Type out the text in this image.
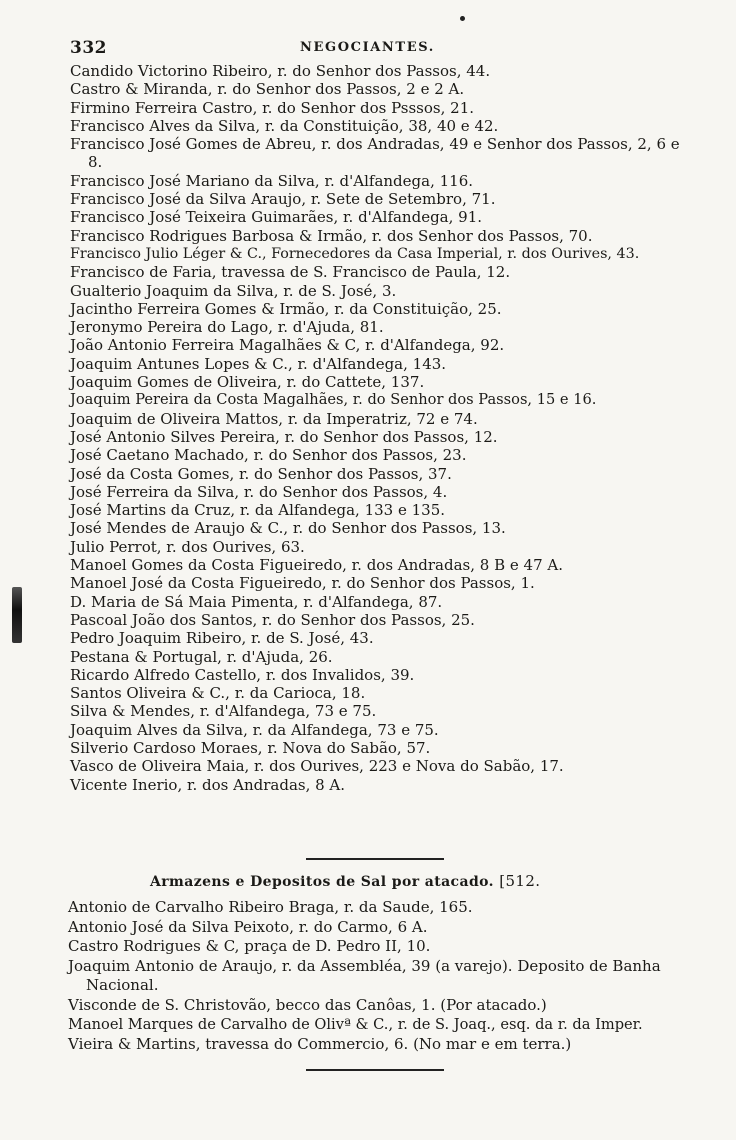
332	NEGOCIANTES.
Candido Victorino Ribeiro, r. do Senhor dos Passos, 44.
Castro & Miranda, r. do Senhor dos Passos, 2 e 2 A.
Firmino Ferreira Castro, r. do Senhor dos Psssos, 21.
Francisco Alves da Silva, r. da Constituição, 38, 40 e 42.
Francisco José Gomes de Abreu, r. dos Andradas, 49 e Senhor dos Passos, 2, 6 e 8.
Francisco José Mariano da Silva, r. d'Alfandega, 116.
Francisco José da Silva Araujo, r. Sete de Setembro, 71.
Francisco José Teixeira Guimarães, r. d'Alfandega, 91.
Francisco Rodrigues Barbosa & Irmão, r. dos Senhor dos Passos, 70.
Francisco Julio Léger & C., Fornecedores da Casa Imperial, r. dos Ourives, 43.
Francisco de Faria, travessa de S. Francisco de Paula, 12.
Gualterio Joaquim da Silva, r. de S. José, 3.
Jacintho Ferreira Gomes & Irmão, r. da Constituição, 25.
Jeronymo Pereira do Lago, r. d'Ajuda, 81.
João Antonio Ferreira Magalhães & C, r. d'Alfandega, 92.
Joaquim Antunes Lopes & C., r. d'Alfandega, 143.
Joaquim Gomes de Oliveira, r. do Cattete, 137.
Joaquim Pereira da Costa Magalhães, r. do Senhor dos Passos, 15 e 16.
Joaquim de Oliveira Mattos, r. da Imperatriz, 72 e 74.
José Antonio Silves Pereira, r. do Senhor dos Passos, 12.
José Caetano Machado, r. do Senhor dos Passos, 23.
José da Costa Gomes, r. do Senhor dos Passos, 37.
José Ferreira da Silva, r. do Senhor dos Passos, 4.
José Martins da Cruz, r. da Alfandega, 133 e 135.
José Mendes de Araujo & C., r. do Senhor dos Passos, 13.
Julio Perrot, r. dos Ourives, 63.
Manoel Gomes da Costa Figueiredo, r. dos Andradas, 8 B e 47 A.
Manoel José da Costa Figueiredo, r. do Senhor dos Passos, 1.
D. Maria de Sá Maia Pimenta, r. d'Alfandega, 87.
Pascoal João dos Santos, r. do Senhor dos Passos, 25.
Pedro Joaquim Ribeiro, r. de S. José, 43.
Pestana & Portugal, r. d'Ajuda, 26.
Ricardo Alfredo Castello, r. dos Invalidos, 39.
Santos Oliveira & C., r. da Carioca, 18.
Silva & Mendes, r. d'Alfandega, 73 e 75.
Joaquim Alves da Silva, r. da Alfandega, 73 e 75.
Silverio Cardoso Moraes, r. Nova do Sabão, 57.
Vasco de Oliveira Maia, r. dos Ourives, 223 e Nova do Sabão, 17.
Vicente Inerio, r. dos Andradas, 8 A.
Armazens e Depositos de Sal por atacado. [512.
Antonio de Carvalho Ribeiro Braga, r. da Saude, 165.
Antonio José da Silva Peixoto, r. do Carmo, 6 A.
Castro Rodrigues & C, praça de D. Pedro II, 10.
Joaquim Antonio de Araujo, r. da Assembléa, 39 (a varejo). Deposito de Banha Nacional.
Visconde de S. Christovão, becco das Canôas, 1. (Por atacado.)
Manoel Marques de Carvalho de Olivª & C., r. de S. Joaq., esq. da r. da Imper.
Vieira & Martins, travessa do Commercio, 6. (No mar e em terra.)
